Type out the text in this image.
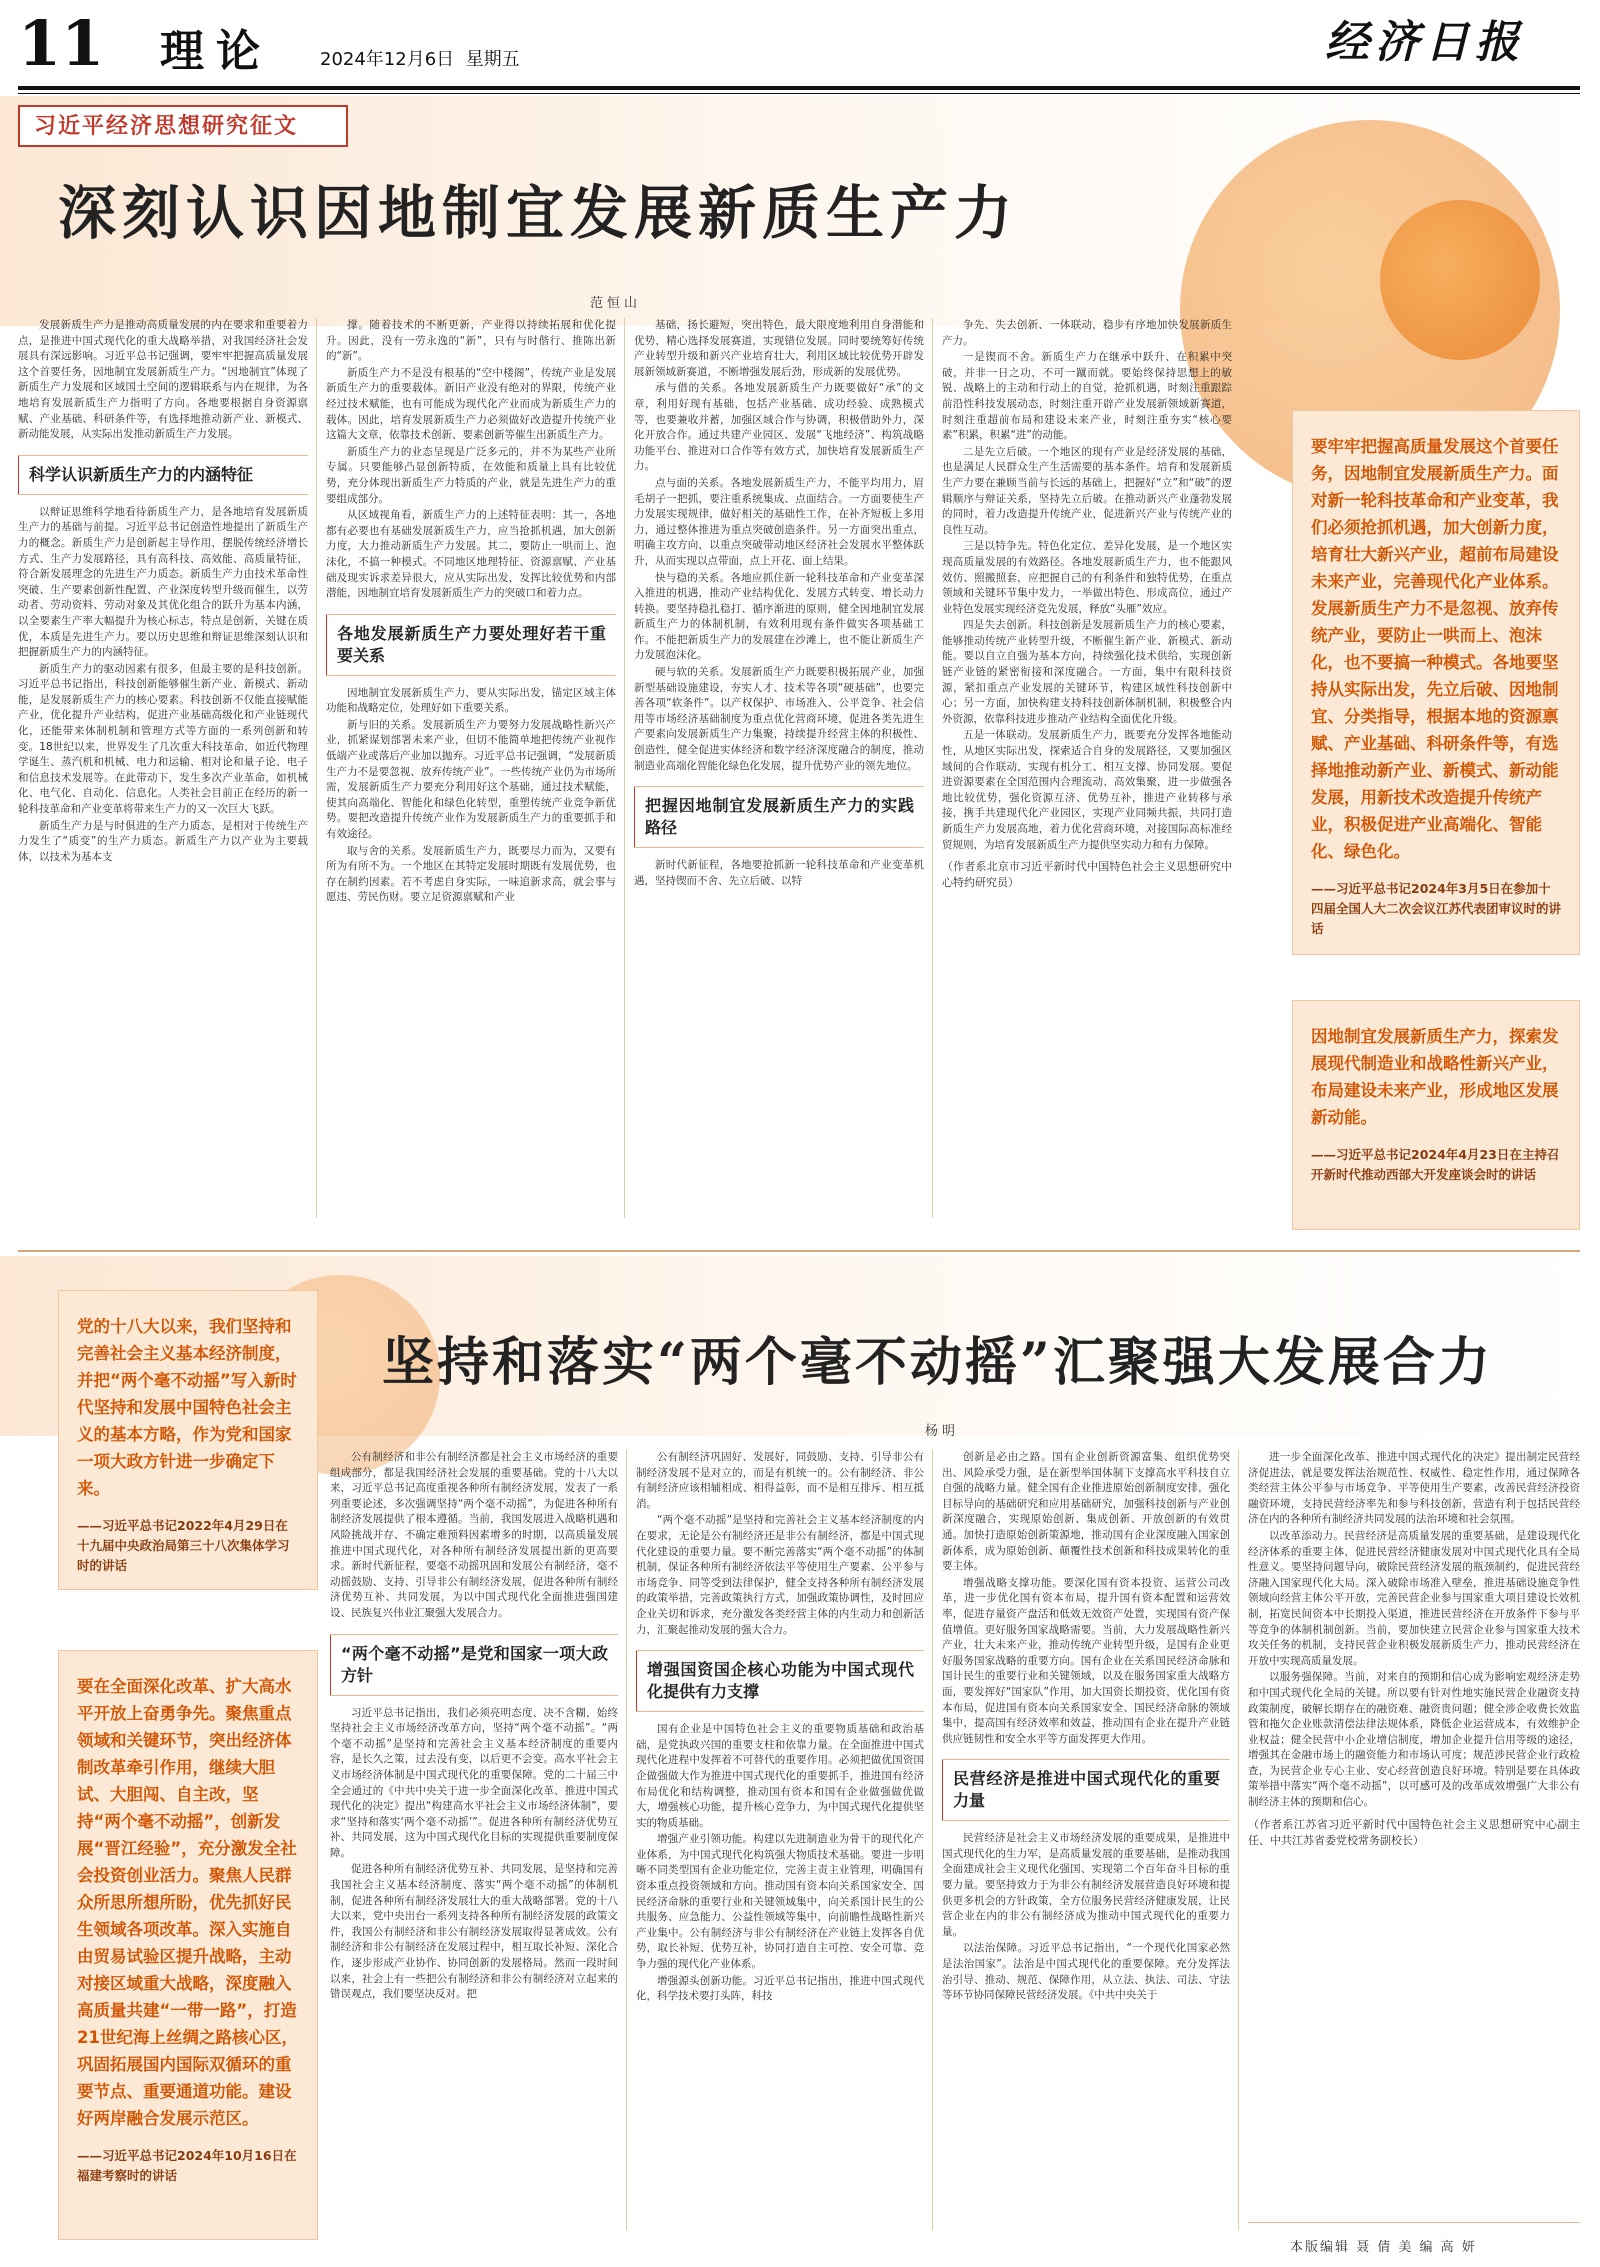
11 理论	2024年12月6日 星期五	经济日报
习近平经济思想研究征文
深刻认识因地制宜发展新质生产力
范恒山

发展新质生产力是推动高质量发展的内在要求和重要着力点，是推进中国式现代化的重大战略举措，对我国经济社会发展具有深远影响。习近平总书记强调，要牢牢把握高质量发展这个首要任务，因地制宜发展新质生产力。“因地制宜”体现了新质生产力发展和区域国土空间的逻辑联系与内在规律，为各地培育发展新质生产力指明了方向。各地要根据自身资源禀赋、产业基础、科研条件等，有选择地推动新产业、新模式、新动能发展，从实际出发推动新质生产力发展。

科学认识新质生产力的内涵特征

以辩证思维科学地看待新质生产力，是各地培育发展新质生产力的基础与前提。习近平总书记创造性地提出了新质生产力的概念。新质生产力是创新起主导作用，摆脱传统经济增长方式、生产力发展路径，具有高科技、高效能、高质量特征，符合新发展理念的先进生产力质态。新质生产力由技术革命性突破、生产要素创新性配置、产业深度转型升级而催生，以劳动者、劳动资料、劳动对象及其优化组合的跃升为基本内涵，以全要素生产率大幅提升为核心标志，特点是创新，关键在质优，本质是先进生产力。要以历史思维和辩证思维深刻认识和把握新质生产力的内涵特征。

新质生产力的驱动因素有很多，但最主要的是科技创新。习近平总书记指出，科技创新能够催生新产业、新模式、新动能，是发展新质生产力的核心要素。科技创新不仅能直接赋能产业，优化提升产业结构，促进产业基础高级化和产业链现代化，还能带来体制机制和管理方式等方面的一系列创新和转变。18世纪以来，世界发生了几次重大科技革命，如近代物理学诞生、蒸汽机和机械、电力和运输、相对论和量子论、电子和信息技术发展等。在此带动下，发生多次产业革命，如机械化、电气化、自动化、信息化。人类社会目前正在经历的新一轮科技革命和产业变革将带来生产力的又一次巨大飞跃。

新质生产力是与时俱进的生产力质态，是相对于传统生产力发生了“质变”的生产力质态。新质生产力以产业为主要载体，以技术为基本支

撑。随着技术的不断更新，产业得以持续拓展和优化提升。因此，没有一劳永逸的“新”，只有与时偕行、推陈出新的“新”。

新质生产力不是没有根基的“空中楼阁”，传统产业是发展新质生产力的重要载体。新旧产业没有绝对的界限，传统产业经过技术赋能，也有可能成为现代化产业而成为新质生产力的载体。因此，培育发展新质生产力必须做好改造提升传统产业这篇大文章，依靠技术创新、要素创新等催生出新质生产力。

新质生产力的业态呈现是广泛多元的，并不为某些产业所专属。只要能够凸显创新特质，在效能和质量上具有比较优势，充分体现出新质生产力特质的产业，就是先进生产力的重要组成部分。

从区域视角看，新质生产力的上述特征表明：其一，各地都有必要也有基础发展新质生产力，应当抢抓机遇，加大创新力度，大力推动新质生产力发展。其二，要防止一哄而上、泡沫化，不搞一种模式。不同地区地理特征、资源禀赋、产业基础及现实诉求差异很大，应从实际出发，发挥比较优势和内部潜能，因地制宜培育发展新质生产力的突破口和着力点。

各地发展新质生产力要处理好若干重要关系

因地制宜发展新质生产力，要从实际出发，锚定区域主体功能和战略定位，处理好如下重要关系。

新与旧的关系。发展新质生产力要努力发展战略性新兴产业，抓紧谋划部署未来产业，但切不能简单地把传统产业视作低端产业或落后产业加以抛弃。习近平总书记强调，“发展新质生产力不是要忽视、放弃传统产业”。一些传统产业仍为市场所需，发展新质生产力要充分利用好这个基础，通过技术赋能，使其向高端化、智能化和绿色化转型，重塑传统产业竞争新优势。要把改造提升传统产业作为发展新质生产力的重要抓手和有效途径。

取与舍的关系。发展新质生产力，既要尽力而为，又要有所为有所不为。一个地区在其特定发展时期既有发展优势，也存在制约因素。若不考虑自身实际，一味追新求高，就会事与愿违、劳民伤财。要立足资源禀赋和产业

基础，扬长避短，突出特色，最大限度地利用自身潜能和优势，精心选择发展赛道，实现错位发展。同时要统筹好传统产业转型升级和新兴产业培育壮大，利用区域比较优势开辟发展新领域新赛道，不断增强发展后劲，形成新的发展优势。

承与借的关系。各地发展新质生产力既要做好“承”的文章，利用好现有基础，包括产业基础、成功经验、成熟模式等，也要兼收并蓄，加强区域合作与协调，积极借助外力，深化开放合作。通过共建产业园区、发展“飞地经济”、构筑战略功能平台、推进对口合作等有效方式，加快培育发展新质生产力。

点与面的关系。各地发展新质生产力，不能平均用力，眉毛胡子一把抓，要注重系统集成、点面结合。一方面要使生产力发展实现规律，做好相关的基础性工作，在补齐短板上多用力，通过整体推进为重点突破创造条件。另一方面突出重点，明确主攻方向，以重点突破带动地区经济社会发展水平整体跃升，从而实现以点带面，点上开花、面上结果。

快与稳的关系。各地应抓住新一轮科技革命和产业变革深入推进的机遇，推动产业结构优化、发展方式转变、增长动力转换。要坚持稳扎稳打、循序渐进的原则，健全因地制宜发展新质生产力的体制机制，有效利用现有条件做实各项基础工作。不能把新质生产力的发展建在沙滩上，也不能让新质生产力发展泡沫化。

硬与软的关系。发展新质生产力既要积极拓展产业，加强新型基础设施建设，夯实人才、技术等各项“硬基础”，也要完善各项“软条件”。以产权保护、市场准入、公平竞争、社会信用等市场经济基础制度为重点优化营商环境，促进各类先进生产要素向发展新质生产力集聚，持续提升经营主体的积极性、创造性，健全促进实体经济和数字经济深度融合的制度，推动制造业高端化智能化绿色化发展，提升优势产业的领先地位。

把握因地制宜发展新质生产力的实践路径

新时代新征程，各地要抢抓新一轮科技革命和产业变革机遇，坚持锲而不舍、先立后破、以特

争先、失去创新、一体联动，稳步有序地加快发展新质生产力。

一是锲而不舍。新质生产力在继承中跃升、在积累中突破，并非一日之功，不可一蹴而就。要始终保持思想上的敏锐、战略上的主动和行动上的自觉，抢抓机遇，时刻注重跟踪前沿性科技发展动态，时刻注重开辟产业发展新领域新赛道，时刻注重超前布局和建设未来产业，时刻注重夯实“核心要素”积累，积累“进”的动能。

二是先立后破。一个地区的现有产业是经济发展的基础，也是满足人民群众生产生活需要的基本条件。培育和发展新质生产力要在兼顾当前与长远的基础上，把握好“立”和“破”的逻辑顺序与辩证关系，坚持先立后破。在推动新兴产业蓬勃发展的同时，着力改造提升传统产业，促进新兴产业与传统产业的良性互动。

三是以特争先。特色化定位、差异化发展，是一个地区实现高质量发展的有效路径。各地发展新质生产力，也不能跟风效仿、照搬照套，应把握自己的有利条件和独特优势，在重点领域和关键环节集中发力，一举做出特色、形成高位，通过产业特色发展实现经济竞先发展，释放“头雁”效应。

四是失去创新。科技创新是发展新质生产力的核心要素，能够推动传统产业转型升级，不断催生新产业、新模式、新动能。要以自立自强为基本方向，持续强化技术供给，实现创新链产业链的紧密衔接和深度融合。一方面，集中有限科技资源，紧扣重点产业发展的关键环节，构建区域性科技创新中心；另一方面，加快构建支持科技创新体制机制，积极整合内外资源，依靠科技进步推动产业结构全面优化升级。

五是一体联动。发展新质生产力，既要充分发挥各地能动性，从地区实际出发，探索适合自身的发展路径，又要加强区域间的合作联动，实现有机分工、相互支撑、协同发展。要促进资源要素在全国范围内合理流动、高效集聚，进一步做强各地比较优势，强化资源互济、优势互补，推进产业转移与承接，携手共建现代化产业园区，实现产业同频共振，共同打造新质生产力发展高地，着力优化营商环境，对接国际高标准经贸规则，为培育发展新质生产力提供坚实动力和有力保障。

（作者系北京市习近平新时代中国特色社会主义思想研究中心特约研究员）
要牢牢把握高质量发展这个首要任务，因地制宜发展新质生产力。面对新一轮科技革命和产业变革，我们必须抢抓机遇，加大创新力度，培育壮大新兴产业，超前布局建设未来产业，完善现代化产业体系。发展新质生产力不是忽视、放弃传统产业，要防止一哄而上、泡沫化，也不要搞一种模式。各地要坚持从实际出发，先立后破、因地制宜、分类指导，根据本地的资源禀赋、产业基础、科研条件等，有选择地推动新产业、新模式、新动能发展，用新技术改造提升传统产业，积极促进产业高端化、智能化、绿色化。
——习近平总书记2024年3月5日在参加十四届全国人大二次会议江苏代表团审议时的讲话
因地制宜发展新质生产力，探索发展现代制造业和战略性新兴产业，布局建设未来产业，形成地区发展新动能。
——习近平总书记2024年4月23日在主持召开新时代推动西部大开发座谈会时的讲话
坚持和落实“两个毫不动摇”汇聚强大发展合力
杨明
党的十八大以来，我们坚持和完善社会主义基本经济制度，并把“两个毫不动摇”写入新时代坚持和发展中国特色社会主义的基本方略，作为党和国家一项大政方针进一步确定下来。
——习近平总书记2022年4月29日在十九届中央政治局第三十八次集体学习时的讲话
要在全面深化改革、扩大高水平开放上奋勇争先。聚焦重点领域和关键环节，突出经济体制改革牵引作用，继续大胆试、大胆闯、自主改，坚持“两个毫不动摇”，创新发展“晋江经验”，充分激发全社会投资创业活力。聚焦人民群众所思所想所盼，优先抓好民生领域各项改革。深入实施自由贸易试验区提升战略，主动对接区域重大战略，深度融入高质量共建“一带一路”，打造21世纪海上丝绸之路核心区，巩固拓展国内国际双循环的重要节点、重要通道功能。建设好两岸融合发展示范区。
——习近平总书记2024年10月16日在福建考察时的讲话

公有制经济和非公有制经济都是社会主义市场经济的重要组成部分，都是我国经济社会发展的重要基础。党的十八大以来，习近平总书记高度重视各种所有制经济发展，发表了一系列重要论述，多次强调坚持“两个毫不动摇”，为促进各种所有制经济发展提供了根本遵循。当前，我国发展进入战略机遇和风险挑战并存、不确定难预料因素增多的时期，以高质量发展推进中国式现代化，对各种所有制经济发展提出新的更高要求。新时代新征程，要毫不动摇巩固和发展公有制经济，毫不动摇鼓励、支持、引导非公有制经济发展，促进各种所有制经济优势互补、共同发展，为以中国式现代化全面推进强国建设、民族复兴伟业汇聚强大发展合力。

“两个毫不动摇”是党和国家一项大政方针

习近平总书记指出，我们必须亮明态度、决不含糊，始终坚持社会主义市场经济改革方向，坚持“两个毫不动摇”。“两个毫不动摇”是坚持和完善社会主义基本经济制度的重要内容，是长久之策，过去没有变，以后更不会变。高水平社会主义市场经济体制是中国式现代化的重要保障。党的二十届三中全会通过的《中共中央关于进一步全面深化改革、推进中国式现代化的决定》提出“构建高水平社会主义市场经济体制”，要求“坚持和落实‘两个毫不动摇’”。促进各种所有制经济优势互补、共同发展，这为中国式现代化目标的实现提供重要制度保障。

促进各种所有制经济优势互补、共同发展，是坚持和完善我国社会主义基本经济制度、落实“两个毫不动摇”的体制机制，促进各种所有制经济发展壮大的重大战略部署。党的十八大以来，党中央出台一系列支持各种所有制经济发展的政策文件，我国公有制经济和非公有制经济发展取得显著成效。公有制经济和非公有制经济在发展过程中，相互取长补短、深化合作，逐步形成产业协作、协同创新的发展格局。然而一段时间以来，社会上有一些把公有制经济和非公有制经济对立起来的错误观点，我们要坚决反对。把

公有制经济巩固好、发展好，同鼓励、支持、引导非公有制经济发展不是对立的，而是有机统一的。公有制经济、非公有制经济应该相辅相成、相得益彰，而不是相互排斥、相互抵消。

“两个毫不动摇”是坚持和完善社会主义基本经济制度的内在要求，无论是公有制经济还是非公有制经济，都是中国式现代化建设的重要力量。要不断完善落实“两个毫不动摇”的体制机制，保证各种所有制经济依法平等使用生产要素、公平参与市场竞争、同等受到法律保护，健全支持各种所有制经济发展的政策举措，完善政策执行方式，加强政策协调性，及时回应企业关切和诉求，充分激发各类经营主体的内生动力和创新活力，汇聚起推动发展的强大合力。

增强国资国企核心功能为中国式现代化提供有力支撑

国有企业是中国特色社会主义的重要物质基础和政治基础，是党执政兴国的重要支柱和依靠力量。在全面推进中国式现代化进程中发挥着不可替代的重要作用。必须把做优国资国企做强做大作为推进中国式现代化的重要抓手，推进国有经济布局优化和结构调整，推动国有资本和国有企业做强做优做大，增强核心功能，提升核心竞争力，为中国式现代化提供坚实的物质基础。

增强产业引领功能。构建以先进制造业为骨干的现代化产业体系，为中国式现代化构筑强大物质技术基础。要进一步明晰不同类型国有企业功能定位，完善主责主业管理，明确国有资本重点投资领域和方向。推动国有资本向关系国家安全、国民经济命脉的重要行业和关键领域集中，向关系国计民生的公共服务、应急能力、公益性领域等集中，向前瞻性战略性新兴产业集中。公有制经济与非公有制经济在产业链上发挥各自优势，取长补短、优势互补，协同打造自主可控、安全可靠、竞争力强的现代化产业体系。

增强源头创新功能。习近平总书记指出，推进中国式现代化，科学技术要打头阵，科技

创新是必由之路。国有企业创新资源富集、组织优势突出、风险承受力强，是在新型举国体制下支撑高水平科技自立自强的战略力量。健全国有企业推进原始创新制度安排，强化目标导向的基础研究和应用基础研究，加强科技创新与产业创新深度融合，实现原始创新、集成创新、开放创新的有效贯通。加快打造原始创新策源地，推动国有企业深度融入国家创新体系，成为原始创新、颠覆性技术创新和科技成果转化的重要主体。

增强战略支撑功能。要深化国有资本投资、运营公司改革，进一步优化国有资本布局，提升国有资本配置和运营效率，促进存量资产盘活和低效无效资产处置，实现国有资产保值增值。更好服务国家战略需要。当前，大力发展战略性新兴产业，壮大未来产业，推动传统产业转型升级，是国有企业更好服务国家战略的重要方向。国有企业在关系国民经济命脉和国计民生的重要行业和关键领域，以及在服务国家重大战略方面，要发挥好“国家队”作用，加大国资长期投资，优化国有资本布局，促进国有资本向关系国家安全、国民经济命脉的领域集中，提高国有经济效率和效益，推动国有企业在提升产业链供应链韧性和安全水平等方面发挥更大作用。

民营经济是推进中国式现代化的重要力量

民营经济是社会主义市场经济发展的重要成果，是推进中国式现代化的生力军，是高质量发展的重要基础，是推动我国全面建成社会主义现代化强国、实现第二个百年奋斗目标的重要力量。要坚持致力于为非公有制经济发展营造良好环境和提供更多机会的方针政策，全方位服务民营经济健康发展，让民营企业在内的非公有制经济成为推动中国式现代化的重要力量。

以法治保障。习近平总书记指出，“一个现代化国家必然是法治国家”。法治是中国式现代化的重要保障。充分发挥法治引导、推动、规范、保障作用，从立法、执法、司法、守法等环节协同保障民营经济发展。《中共中央关于

进一步全面深化改革、推进中国式现代化的决定》提出制定民营经济促进法，就是要发挥法治规范性、权威性、稳定性作用，通过保障各类经营主体公平参与市场竞争、平等使用生产要素，改善民营经济投资融资环境，支持民营经济率先和参与科技创新，营造有利于包括民营经济在内的各种所有制经济共同发展的法治环境和社会氛围。

以改革添动力。民营经济是高质量发展的重要基础，是建设现代化经济体系的重要主体，促进民营经济健康发展对中国式现代化具有全局性意义。要坚持问题导向，破除民营经济发展的瓶颈制约，促进民营经济融入国家现代化大局。深入破除市场准入壁垒，推进基础设施竞争性领域向经营主体公平开放，完善民营企业参与国家重大项目建设长效机制，拓宽民间资本中长期投入渠道，推进民营经济在开放条件下参与平等竞争的体制机制创新。当前，要加快建立民营企业参与国家重大技术攻关任务的机制，支持民营企业积极发展新质生产力，推动民营经济在开放中实现高质量发展。

以服务强保障。当前，对来自的预期和信心成为影响宏观经济走势和中国式现代化全局的关键。所以要有针对性地实施民营企业融资支持政策制度，破解长期存在的融资难、融资贵问题；健全涉企收费长效监管和拖欠企业账款清偿法律法规体系，降低企业运营成本，有效维护企业权益；健全民营中小企业增信制度，增加企业提升信用等级的途径，增强其在金融市场上的融资能力和市场认可度；规范涉民营企业行政检查，为民营企业专心主业、安心经营创造良好环境。特别是要在具体政策举措中落实“两个毫不动摇”，以可感可及的改革成效增强广大非公有制经济主体的预期和信心。

（作者系江苏省习近平新时代中国特色社会主义思想研究中心副主任、中共江苏省委党校常务副校长）
本版编辑 聂 倩 美 编 高 妍
